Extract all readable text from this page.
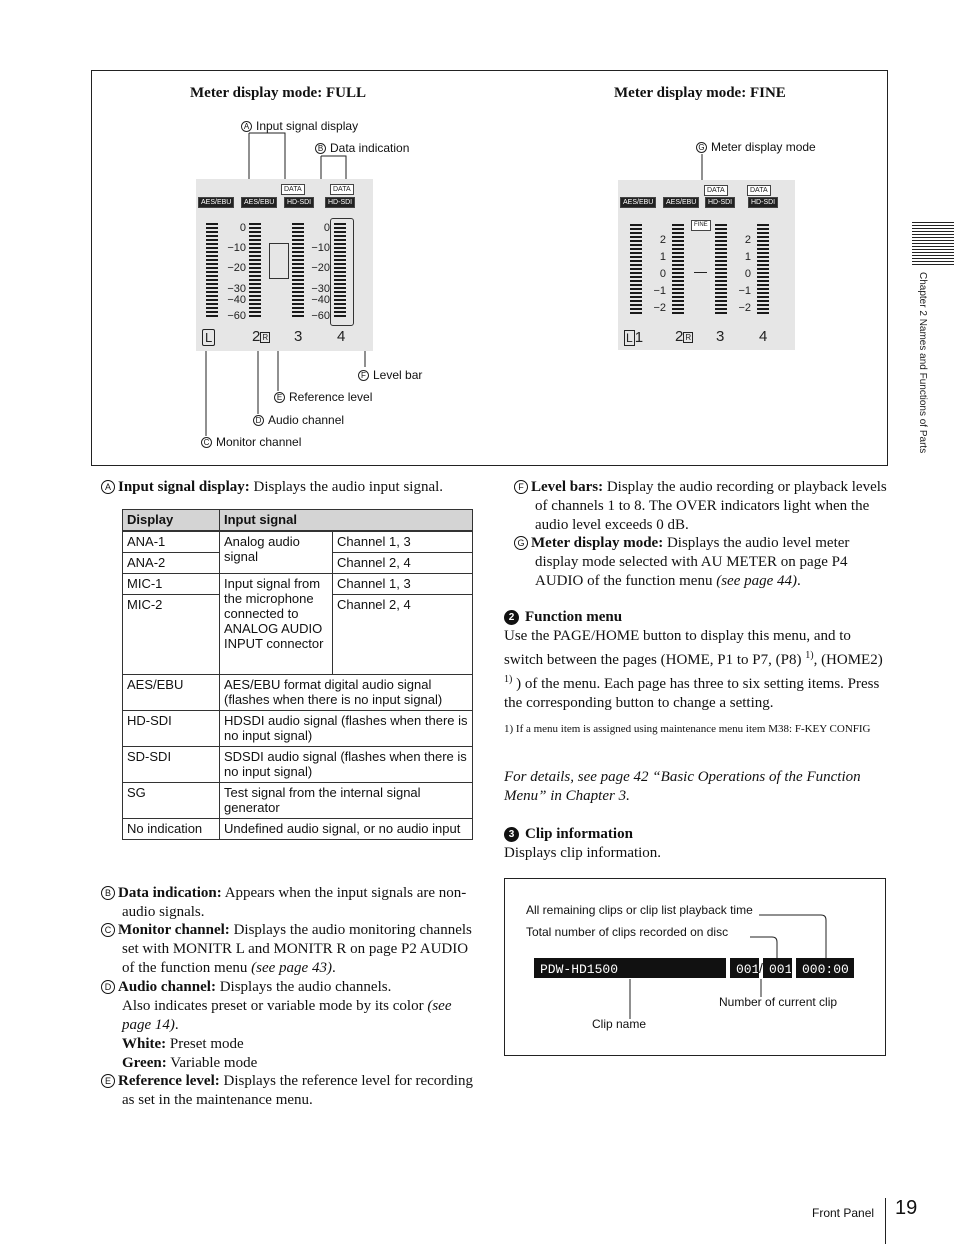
Meter display mode: FULL	Meter display mode: FINE
A Input signal display
B Data indication	G Meter display mode
F Level bar
E Reference level
D Audio channel
C Monitor channel
DATA	DATA
AES/EBU	AES/EBU	HD-SDI	HD-SDI
0
−10
−20
−30
−40
−60
0
−10
−20
−30
−40
−60
L	2 R 3 4
DATA	DATA
AES/EBU	AES/EBU	HD-SDI	HD-SDI
FINE
2
1
0
−1
−2
2
1
0
−1
−2
L 1 2 R 3 4
A Input signal display: Displays the audio input signal.
Display	Input signal	
ANA-1	Analog audio signal	Channel 1, 3
ANA-2		Channel 2, 4
MIC-1	Input signal from the microphone connected to ANALOG AUDIO INPUT connector	Channel 1, 3
MIC-2		Channel 2, 4
AES/EBU	AES/EBU format digital audio signal (flashes when there is no input signal)	
HD-SDI	HDSDI audio signal (flashes when there is no input signal)	
SD-SDI	SDSDI audio signal (flashes when there is no input signal)	
SG	Test signal from the internal signal generator	
No indication	Undefined audio signal, or no audio input	
B Data indication: Appears when the input signals are non-audio signals.
C Monitor channel: Displays the audio monitoring channels set with MONITR L and MONITR R on page P2 AUDIO of the function menu (see page 43).
D Audio channel: Displays the audio channels.
Also indicates preset or variable mode by its color (see page 14).
White: Preset mode
Green: Variable mode
E Reference level: Displays the reference level for recording as set in the maintenance menu.
F Level bars: Display the audio recording or playback levels of channels 1 to 8. The OVER indicators light when the audio level exceeds 0 dB.
G Meter display mode: Displays the audio level meter display mode selected with AU METER on page P4 AUDIO of the function menu (see page 44).
2 Function menu
Use the PAGE/HOME button to display this menu, and to switch between the pages (HOME, P1 to P7, (P8) $^{1)}$, (HOME2) $^{1)}$ ) of the menu. Each page has three to six setting items. Press the corresponding button to change a setting.
1) If a menu item is assigned using maintenance menu item M38: F-KEY CONFIG
For details, see page 42 “Basic Operations of the Function Menu” in Chapter 3.
3 Clip information
Displays clip information.
All remaining clips or clip list playback time
Total number of clips recorded on disc
Number of current clip
Clip name
PDW-HD1500	001 / 001 000:00
Chapter 2 Names and Functions of Parts
Front Panel 19
